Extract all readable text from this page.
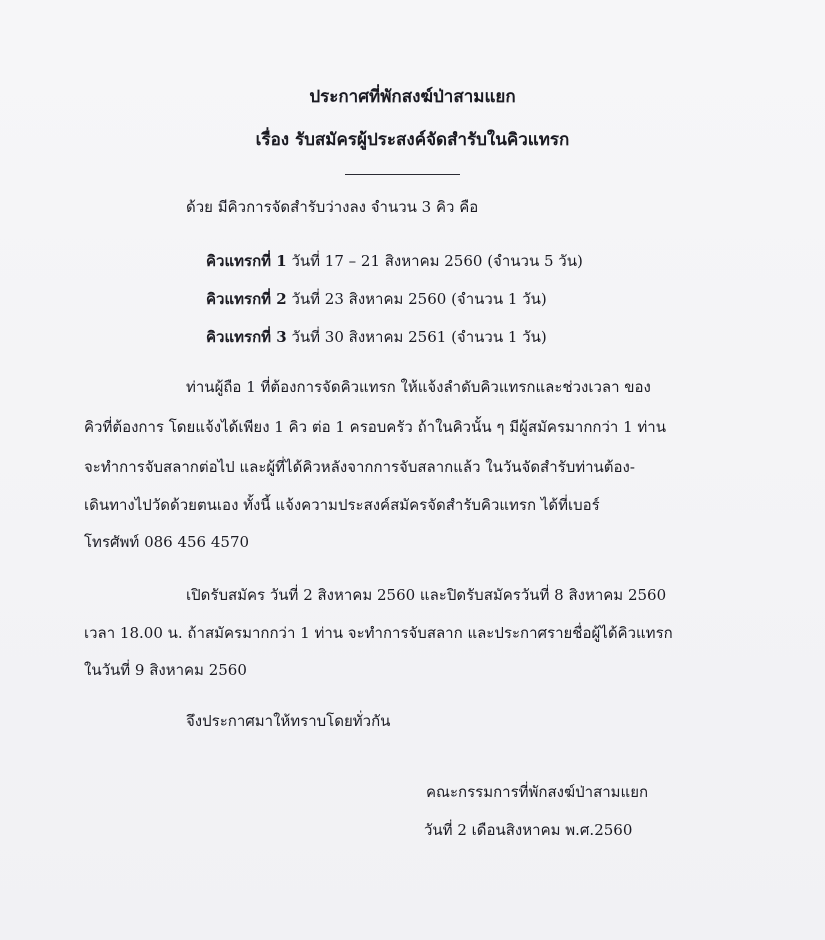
ประกาศที่พักสงฆ์ป่าสามแยก
เรื่อง รับสมัครผู้ประสงค์จัดสำรับในคิวแทรก
ด้วย มีคิวการจัดสำรับว่างลง จำนวน 3 คิว คือ
คิวแทรกที่ 1 วันที่ 17 – 21 สิงหาคม 2560 (จำนวน 5 วัน)
คิวแทรกที่ 2 วันที่ 23 สิงหาคม 2560 (จำนวน 1 วัน)
คิวแทรกที่ 3 วันที่ 30 สิงหาคม 2561 (จำนวน 1 วัน)
ท่านผู้ถือ 1 ที่ต้องการจัดคิวแทรก ให้แจ้งลำดับคิวแทรกและช่วงเวลา ของ
คิวที่ต้องการ โดยแจ้งได้เพียง 1 คิว ต่อ 1 ครอบครัว ถ้าในคิวนั้น ๆ มีผู้สมัครมากกว่า 1 ท่าน
จะทำการจับสลากต่อไป และผู้ที่ได้คิวหลังจากการจับสลากแล้ว ในวันจัดสำรับท่านต้อง-
เดินทางไปวัดด้วยตนเอง ทั้งนี้ แจ้งความประสงค์สมัครจัดสำรับคิวแทรก ได้ที่เบอร์
โทรศัพท์ 086 456 4570
เปิดรับสมัคร วันที่ 2 สิงหาคม 2560 และปิดรับสมัครวันที่ 8 สิงหาคม 2560
เวลา 18.00 น. ถ้าสมัครมากกว่า 1 ท่าน จะทำการจับสลาก และประกาศรายชื่อผู้ได้คิวแทรก
ในวันที่ 9 สิงหาคม 2560
จึงประกาศมาให้ทราบโดยทั่วกัน
คณะกรรมการที่พักสงฆ์ป่าสามแยก
วันที่ 2 เดือนสิงหาคม พ.ศ.2560
